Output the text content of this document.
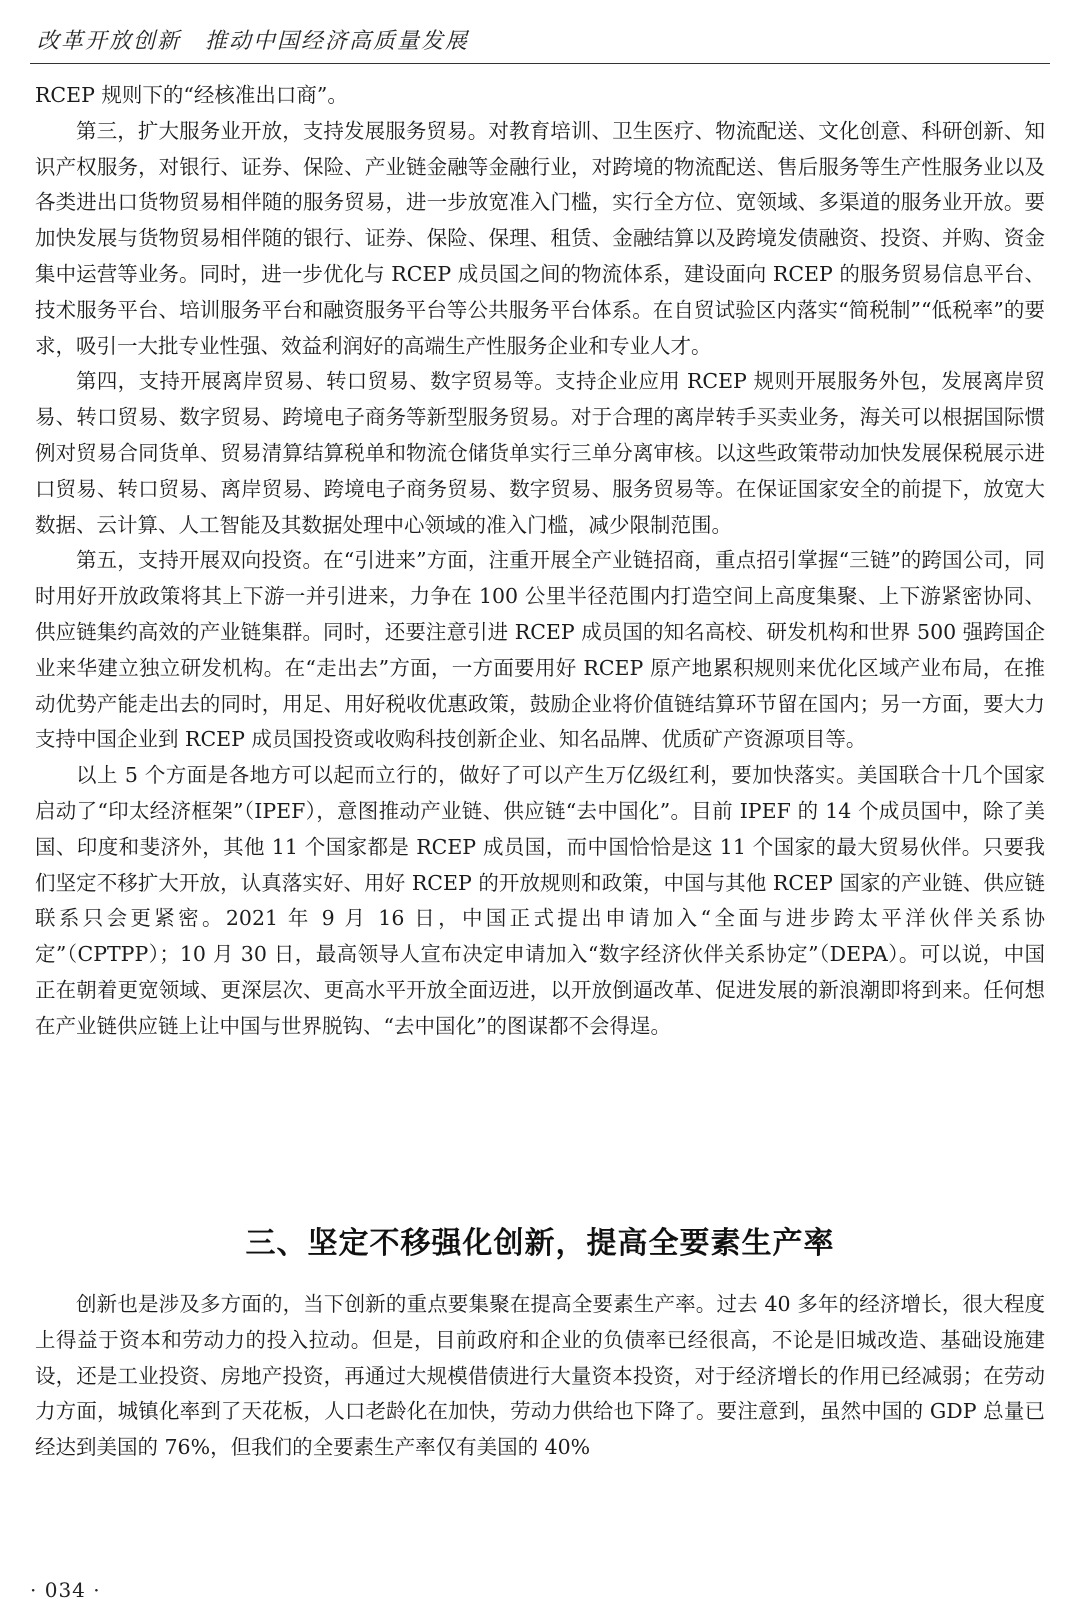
改革开放创新　推动中国经济高质量发展

RCEP 规则下的“经核准出口商”。

第三，扩大服务业开放，支持发展服务贸易。对教育培训、卫生医疗、物流配送、文化创意、科研创新、知识产权服务，对银行、证券、保险、产业链金融等金融行业，对跨境的物流配送、售后服务等生产性服务业以及各类进出口货物贸易相伴随的服务贸易，进一步放宽准入门槛，实行全方位、宽领域、多渠道的服务业开放。要加快发展与货物贸易相伴随的银行、证券、保险、保理、租赁、金融结算以及跨境发债融资、投资、并购、资金集中运营等业务。同时，进一步优化与 RCEP 成员国之间的物流体系，建设面向 RCEP 的服务贸易信息平台、技术服务平台、培训服务平台和融资服务平台等公共服务平台体系。在自贸试验区内落实“简税制”“低税率”的要求，吸引一大批专业性强、效益利润好的高端生产性服务企业和专业人才。

第四，支持开展离岸贸易、转口贸易、数字贸易等。支持企业应用 RCEP 规则开展服务外包，发展离岸贸易、转口贸易、数字贸易、跨境电子商务等新型服务贸易。对于合理的离岸转手买卖业务，海关可以根据国际惯例对贸易合同货单、贸易清算结算税单和物流仓储货单实行三单分离审核。以这些政策带动加快发展保税展示进口贸易、转口贸易、离岸贸易、跨境电子商务贸易、数字贸易、服务贸易等。在保证国家安全的前提下，放宽大数据、云计算、人工智能及其数据处理中心领域的准入门槛，减少限制范围。

第五，支持开展双向投资。在“引进来”方面，注重开展全产业链招商，重点招引掌握“三链”的跨国公司，同时用好开放政策将其上下游一并引进来，力争在 100 公里半径范围内打造空间上高度集聚、上下游紧密协同、供应链集约高效的产业链集群。同时，还要注意引进 RCEP 成员国的知名高校、研发机构和世界 500 强跨国企业来华建立独立研发机构。在“走出去”方面，一方面要用好 RCEP 原产地累积规则来优化区域产业布局，在推动优势产能走出去的同时，用足、用好税收优惠政策，鼓励企业将价值链结算环节留在国内；另一方面，要大力支持中国企业到 RCEP 成员国投资或收购科技创新企业、知名品牌、优质矿产资源项目等。

以上 5 个方面是各地方可以起而立行的，做好了可以产生万亿级红利，要加快落实。美国联合十几个国家启动了“印太经济框架”（IPEF），意图推动产业链、供应链“去中国化”。目前 IPEF 的 14 个成员国中，除了美国、印度和斐济外，其他 11 个国家都是 RCEP 成员国，而中国恰恰是这 11 个国家的最大贸易伙伴。只要我们坚定不移扩大开放，认真落实好、用好 RCEP 的开放规则和政策，中国与其他 RCEP 国家的产业链、供应链联系只会更紧密。2021 年 9 月 16 日，中国正式提出申请加入“全面与进步跨太平洋伙伴关系协定”（CPTPP）；10 月 30 日，最高领导人宣布决定申请加入“数字经济伙伴关系协定”（DEPA）。可以说，中国正在朝着更宽领域、更深层次、更高水平开放全面迈进，以开放倒逼改革、促进发展的新浪潮即将到来。任何想在产业链供应链上让中国与世界脱钩、“去中国化”的图谋都不会得逞。

三、坚定不移强化创新，提高全要素生产率

创新也是涉及多方面的，当下创新的重点要集聚在提高全要素生产率。过去 40 多年的经济增长，很大程度上得益于资本和劳动力的投入拉动。但是，目前政府和企业的负债率已经很高，不论是旧城改造、基础设施建设，还是工业投资、房地产投资，再通过大规模借债进行大量资本投资，对于经济增长的作用已经减弱；在劳动力方面，城镇化率到了天花板，人口老龄化在加快，劳动力供给也下降了。要注意到，虽然中国的 GDP 总量已经达到美国的 76%，但我们的全要素生产率仅有美国的 40%

· 034 ·
